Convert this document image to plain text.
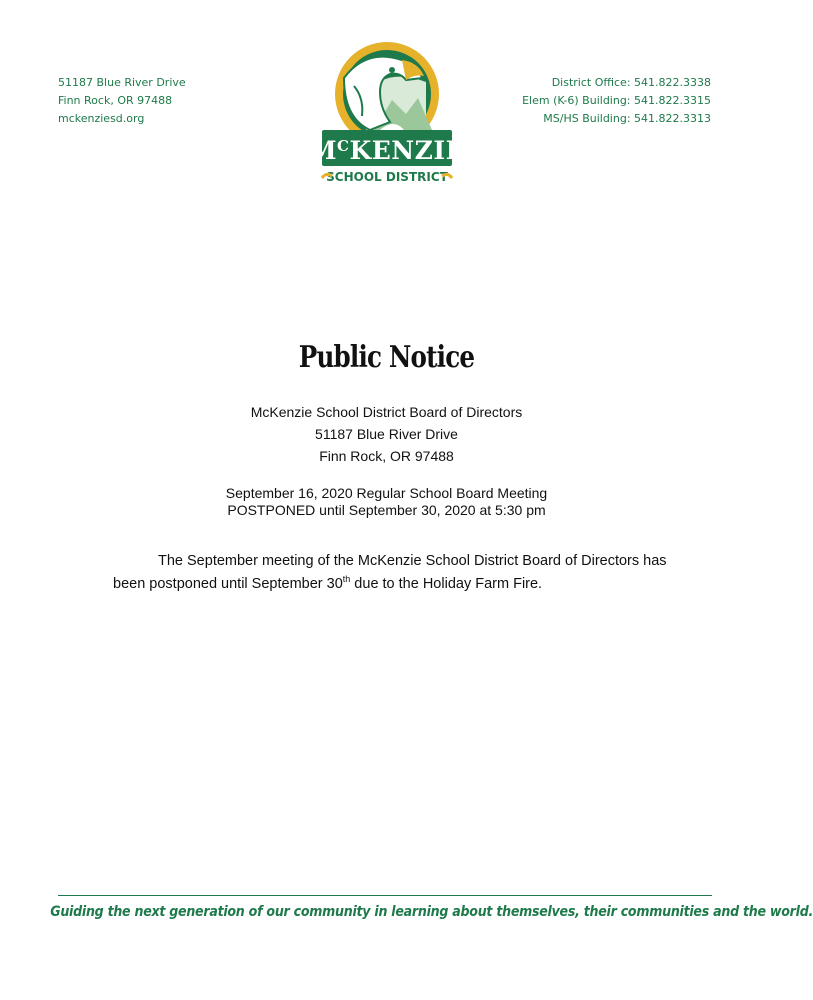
51187 Blue River Drive
Finn Rock, OR 97488
mckenziesd.org
$M^CKENZIE$
SCHOOL DISTRICT
District Office: 541.822.3338
Elem (K-6) Building: 541.822.3315
MS/HS Building: 541.822.3313
Public Notice
McKenzie School District Board of Directors
51187 Blue River Drive
Finn Rock, OR 97488
September 16, 2020 Regular School Board Meeting
POSTPONED until September 30, 2020 at 5:30 pm
The September meeting of the McKenzie School District Board of Directors has been postponed until September 30th due to the Holiday Farm Fire.
Guiding the next generation of our community in learning about themselves, their communities and the world.
